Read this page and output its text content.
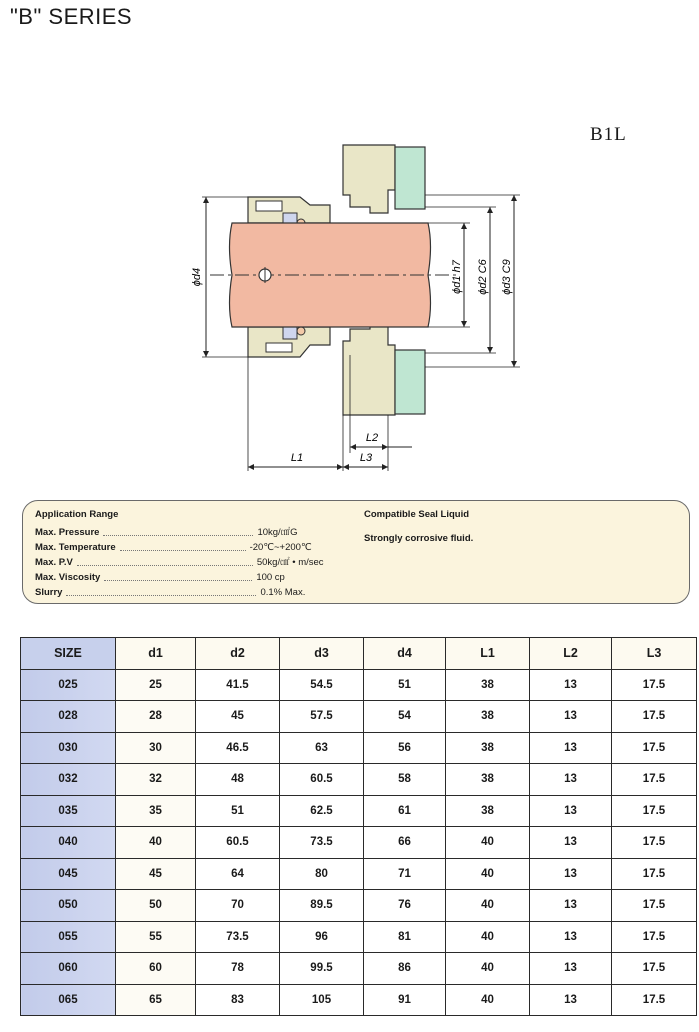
"B" SERIES
B1L
ϕd4	ϕd1 h7 ϕd2 C6 ϕd3 C9
L2
L1	L3
Application Range
Max. Pressure	10kg/㎠G
Max. Temperature	-20℃~+200℃
Max. P.V	50kg/㎠ • m/sec
Max. Viscosity	100 cp
Slurry	0.1% Max.
Compatible Seal Liquid
Strongly corrosive fluid.
SIZE	d1	d2	d3	d4	L1	L2	L3
025	25	41.5	54.5	51	38	13	17.5
028	28	45	57.5	54	38	13	17.5
030	30	46.5	63	56	38	13	17.5
032	32	48	60.5	58	38	13	17.5
035	35	51	62.5	61	38	13	17.5
040	40	60.5	73.5	66	40	13	17.5
045	45	64	80	71	40	13	17.5
050	50	70	89.5	76	40	13	17.5
055	55	73.5	96	81	40	13	17.5
060	60	78	99.5	86	40	13	17.5
065	65	83	105	91	40	13	17.5
